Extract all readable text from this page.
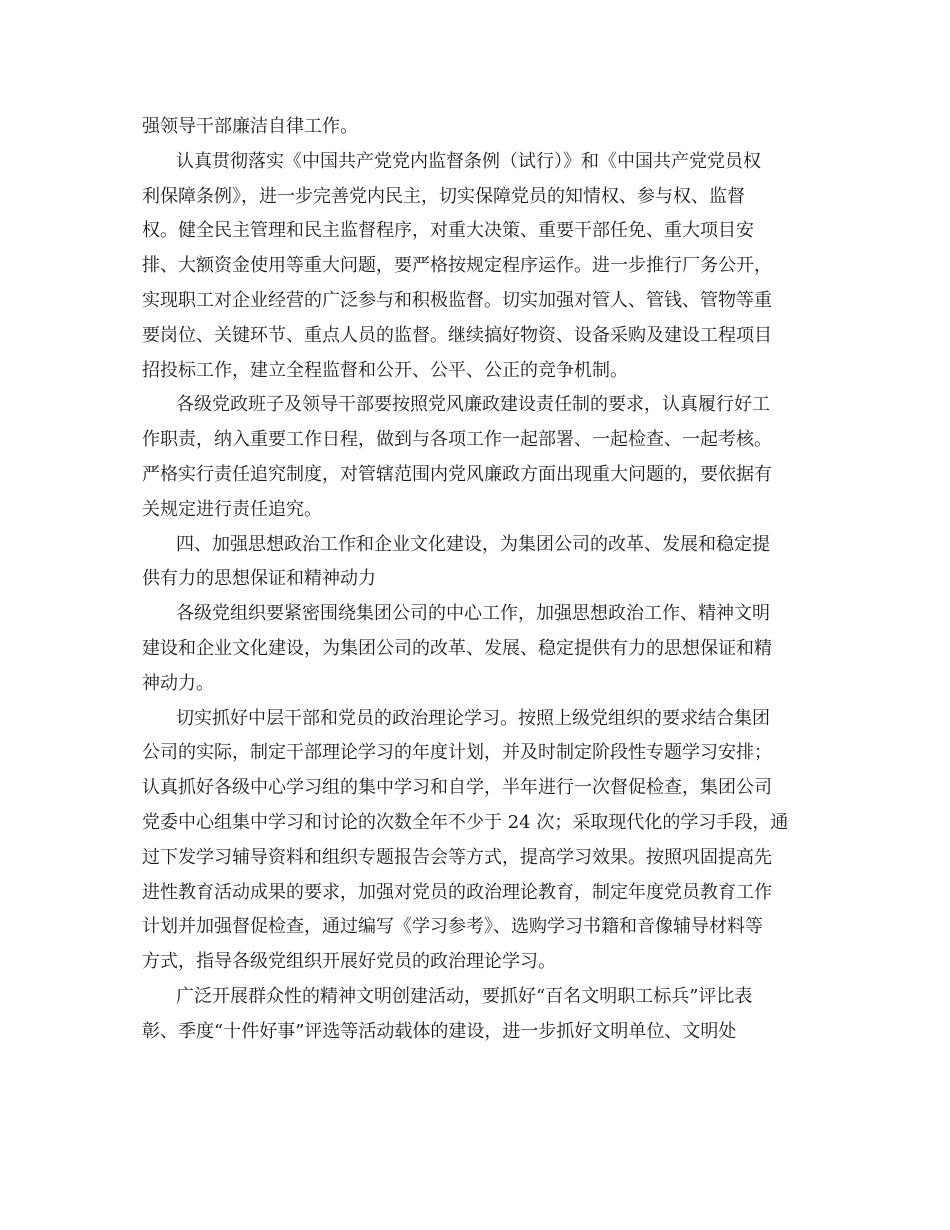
强领导干部廉洁自律工作。
认真贯彻落实《中国共产党党内监督条例（试行）》和《中国共产党党员权
利保障条例》，进一步完善党内民主，切实保障党员的知情权、参与权、监督
权。健全民主管理和民主监督程序，对重大决策、重要干部任免、重大项目安
排、大额资金使用等重大问题，要严格按规定程序运作。进一步推行厂务公开，
实现职工对企业经营的广泛参与和积极监督。切实加强对管人、管钱、管物等重
要岗位、关键环节、重点人员的监督。继续搞好物资、设备采购及建设工程项目
招投标工作，建立全程监督和公开、公平、公正的竞争机制。
各级党政班子及领导干部要按照党风廉政建设责任制的要求，认真履行好工
作职责，纳入重要工作日程，做到与各项工作一起部署、一起检查、一起考核。
严格实行责任追究制度，对管辖范围内党风廉政方面出现重大问题的，要依据有
关规定进行责任追究。
四、加强思想政治工作和企业文化建设，为集团公司的改革、发展和稳定提
供有力的思想保证和精神动力
各级党组织要紧密围绕集团公司的中心工作，加强思想政治工作、精神文明
建设和企业文化建设，为集团公司的改革、发展、稳定提供有力的思想保证和精
神动力。
切实抓好中层干部和党员的政治理论学习。按照上级党组织的要求结合集团
公司的实际，制定干部理论学习的年度计划，并及时制定阶段性专题学习安排；
认真抓好各级中心学习组的集中学习和自学，半年进行一次督促检查，集团公司
党委中心组集中学习和讨论的次数全年不少于 24 次；采取现代化的学习手段，通
过下发学习辅导资料和组织专题报告会等方式，提高学习效果。按照巩固提高先
进性教育活动成果的要求，加强对党员的政治理论教育，制定年度党员教育工作
计划并加强督促检查，通过编写《学习参考》、选购学习书籍和音像辅导材料等
方式，指导各级党组织开展好党员的政治理论学习。
广泛开展群众性的精神文明创建活动，要抓好“百名文明职工标兵”评比表
彰、季度“十件好事”评选等活动载体的建设，进一步抓好文明单位、文明处
